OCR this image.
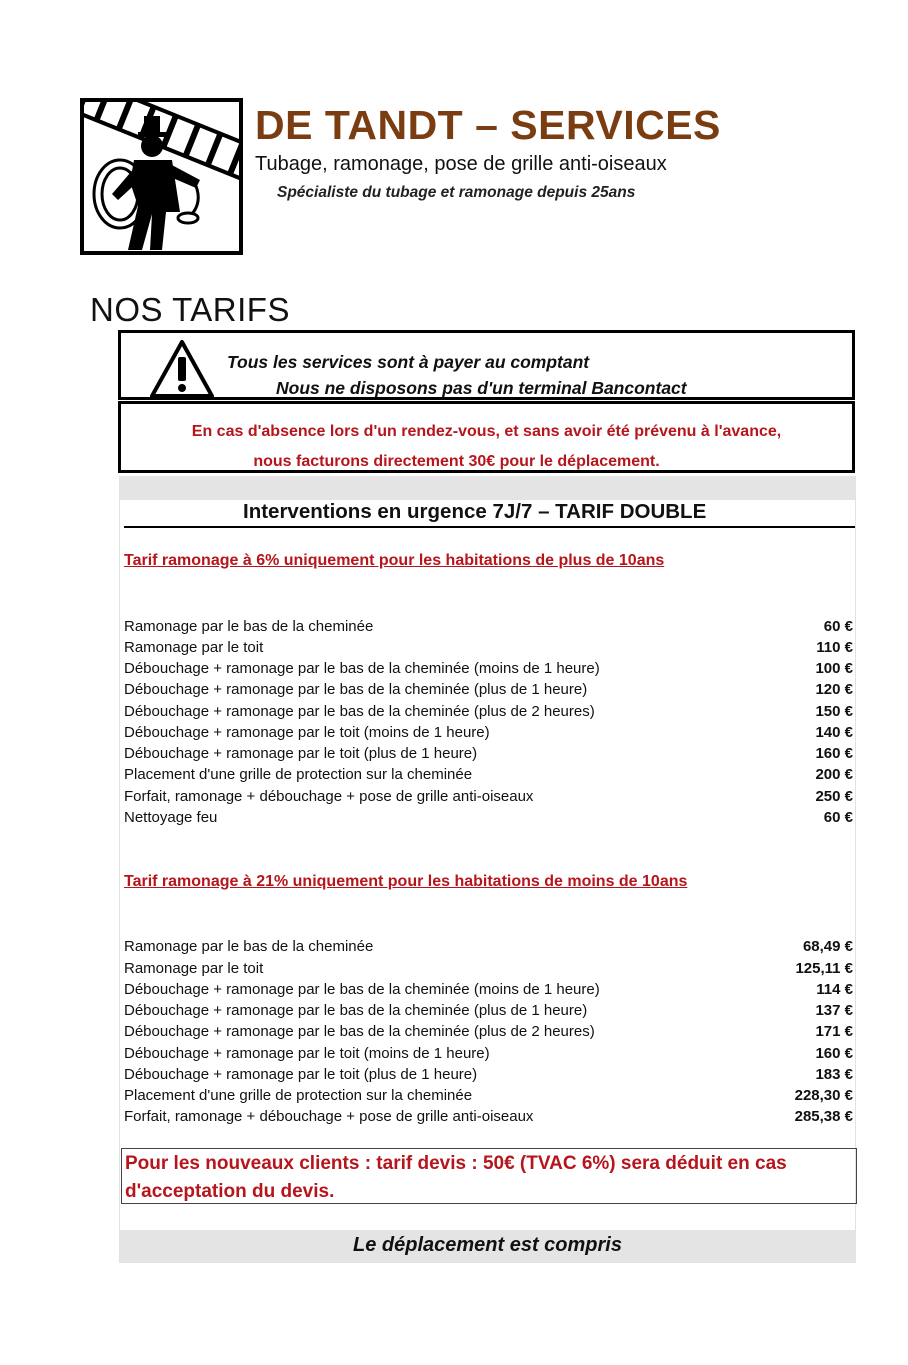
DE TANDT – SERVICES
Tubage, ramonage, pose de grille anti-oiseaux
Spécialiste du tubage et ramonage depuis 25ans
NOS TARIFS
Tous les services sont à payer au comptant
Nous ne disposons pas d'un terminal Bancontact
En cas d'absence lors d'un rendez-vous, et sans avoir été prévenu à l'avance,
nous facturons directement 30€ pour le déplacement.
Interventions en urgence 7J/7 – TARIF DOUBLE
Tarif ramonage à 6% uniquement pour les habitations de plus de 10ans
Ramonage par le bas de la cheminée	60 €
Ramonage par le toit	110 €
Débouchage + ramonage par le bas de la cheminée (moins de 1 heure)	100 €
Débouchage + ramonage par le bas de la cheminée (plus de 1 heure)	120 €
Débouchage + ramonage par le bas de la cheminée (plus de 2 heures)	150 €
Débouchage + ramonage par le toit (moins de 1 heure)	140 €
Débouchage + ramonage par le toit (plus de 1 heure)	160 €
Placement d'une grille de protection sur la cheminée	200 €
Forfait, ramonage + débouchage + pose de grille anti-oiseaux	250 €
Nettoyage feu	60 €
Tarif ramonage à 21% uniquement pour les habitations de moins de 10ans
Ramonage par le bas de la cheminée	68,49 €
Ramonage par le toit	125,11 €
Débouchage + ramonage par le bas de la cheminée (moins de 1 heure)	114 €
Débouchage + ramonage par le bas de la cheminée (plus de 1 heure)	137 €
Débouchage + ramonage par le bas de la cheminée (plus de 2 heures)	171 €
Débouchage + ramonage par le toit (moins de 1 heure)	160 €
Débouchage + ramonage par le toit (plus de 1 heure)	183 €
Placement d'une grille de protection sur la cheminée	228,30 €
Forfait, ramonage + débouchage + pose de grille anti-oiseaux	285,38 €
Pour les nouveaux clients : tarif devis : 50€ (TVAC 6%) sera déduit en cas d'acceptation du devis.
Le déplacement est compris
